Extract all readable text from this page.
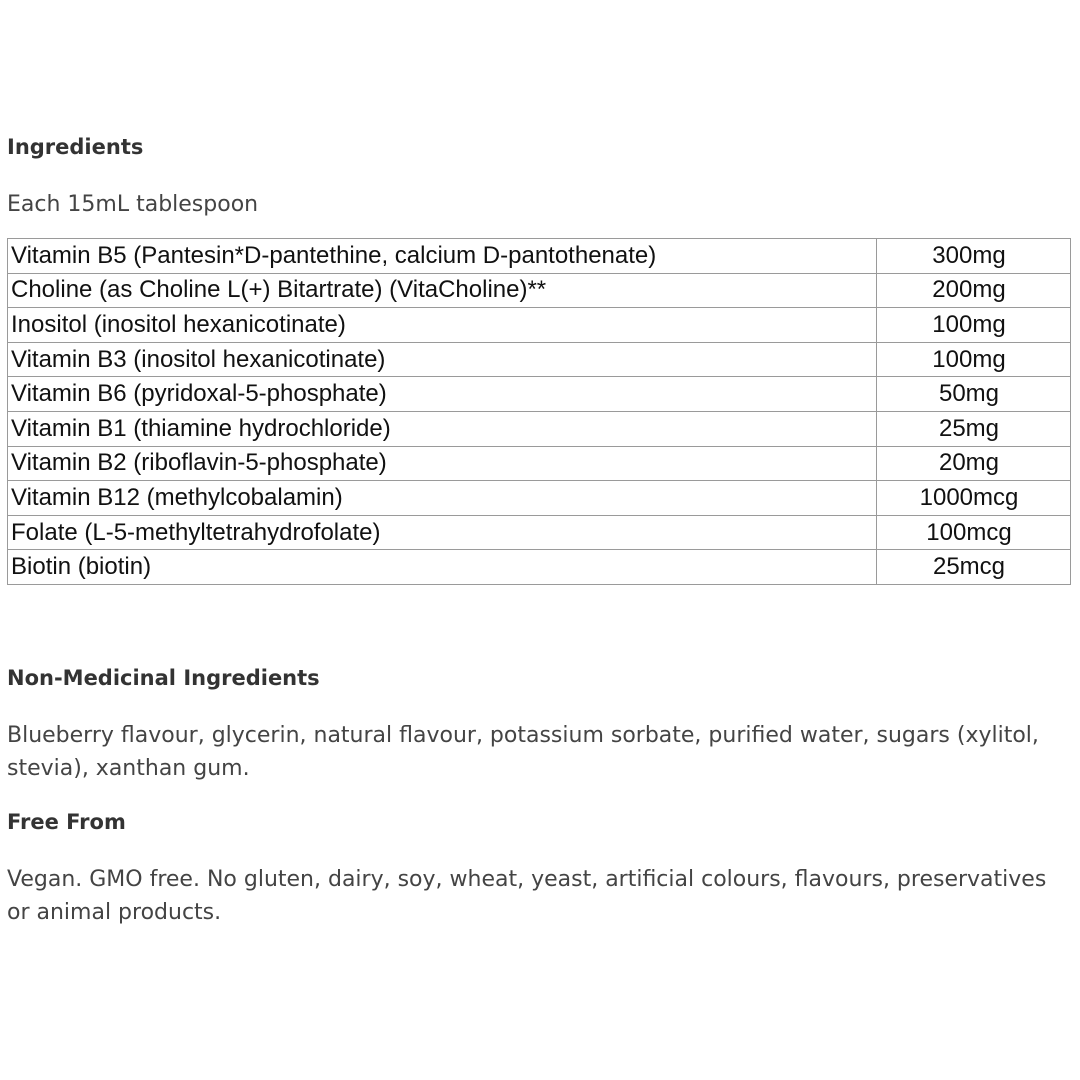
Ingredients
Each 15mL tablespoon
Vitamin B5 (Pantesin*D-pantethine, calcium D-pantothenate)	300mg
Choline (as Choline L(+) Bitartrate) (VitaCholine)**	200mg
Inositol (inositol hexanicotinate)	100mg
Vitamin B3 (inositol hexanicotinate)	100mg
Vitamin B6 (pyridoxal-5-phosphate)	50mg
Vitamin B1 (thiamine hydrochloride)	25mg
Vitamin B2 (riboflavin-5-phosphate)	20mg
Vitamin B12 (methylcobalamin)	1000mcg
Folate (L-5-methyltetrahydrofolate)	100mcg
Biotin (biotin)	25mcg
Non-Medicinal Ingredients
Blueberry flavour, glycerin, natural flavour, potassium sorbate, purified water, sugars (xylitol, stevia), xanthan gum.
Free From
Vegan. GMO free. No gluten, dairy, soy, wheat, yeast, artificial colours, flavours, preservatives or animal products.
